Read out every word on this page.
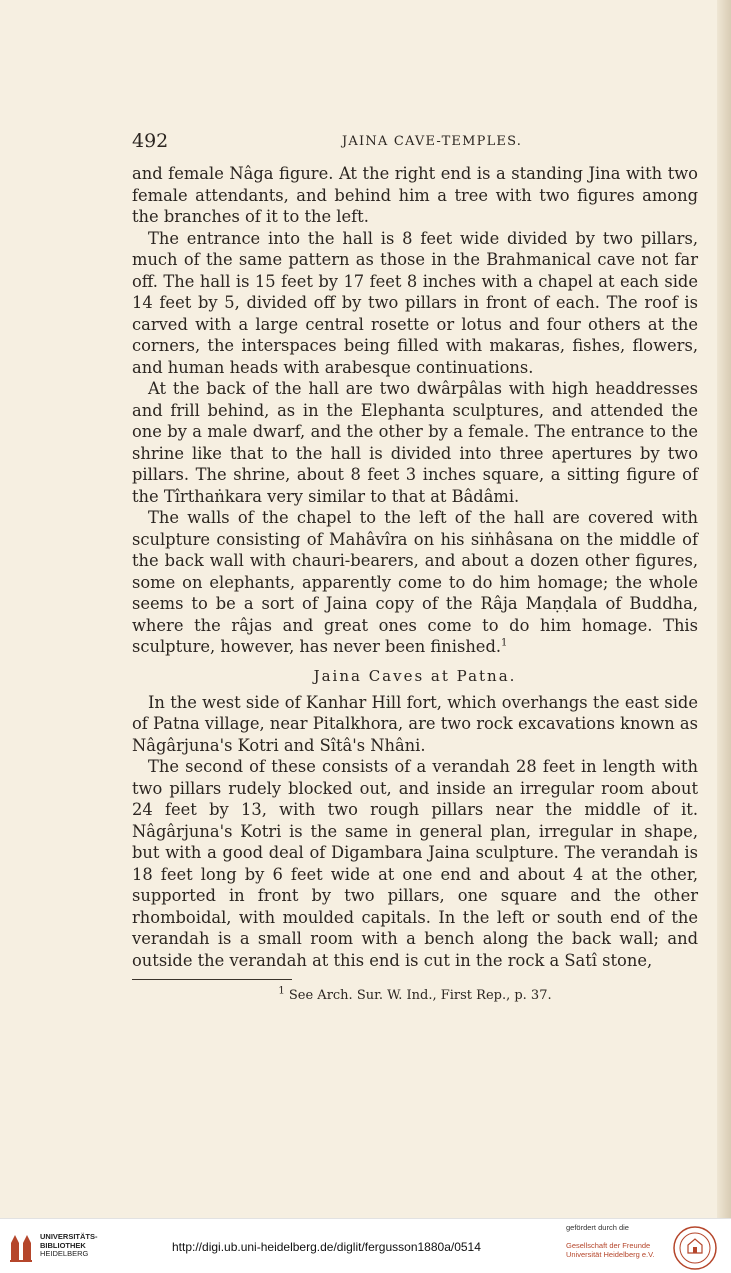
492	JAINA CAVE-TEMPLES.

and female Nâga figure. At the right end is a standing Jina with two female attendants, and behind him a tree with two figures among the branches of it to the left.

The entrance into the hall is 8 feet wide divided by two pillars, much of the same pattern as those in the Brahmanical cave not far off. The hall is 15 feet by 17 feet 8 inches with a chapel at each side 14 feet by 5, divided off by two pillars in front of each. The roof is carved with a large central rosette or lotus and four others at the corners, the interspaces being filled with makaras, fishes, flowers, and human heads with arabesque continuations.

At the back of the hall are two dwârpâlas with high headdresses and frill behind, as in the Elephanta sculptures, and attended the one by a male dwarf, and the other by a female. The entrance to the shrine like that to the hall is divided into three apertures by two pillars. The shrine, about 8 feet 3 inches square, a sitting figure of the Tîrthaṅkara very similar to that at Bâdâmi.

The walls of the chapel to the left of the hall are covered with sculpture consisting of Mahâvîra on his siṅhâsana on the middle of the back wall with chauri-bearers, and about a dozen other figures, some on elephants, apparently come to do him homage; the whole seems to be a sort of Jaina copy of the Râja Maṇḍala of Buddha, where the râjas and great ones come to do him homage. This sculpture, however, has never been finished.$^1$

Jaina Caves at Patna.

In the west side of Kanhar Hill fort, which overhangs the east side of Patna village, near Pitalkhora, are two rock excavations known as Nâgârjuna's Kotri and Sîtâ's Nhâni.

The second of these consists of a verandah 28 feet in length with two pillars rudely blocked out, and inside an irregular room about 24 feet by 13, with two rough pillars near the middle of it. Nâgârjuna's Kotri is the same in general plan, irregular in shape, but with a good deal of Digambara Jaina sculpture. The verandah is 18 feet long by 6 feet wide at one end and about 4 at the other, supported in front by two pillars, one square and the other rhomboidal, with moulded capitals. In the left or south end of the verandah is a small room with a bench along the back wall; and outside the verandah at this end is cut in the rock a Satî stone,

$^1$ See Arch. Sur. W. Ind., First Rep., p. 37.

UNIVERSITÄTS-
BIBLIOTHEK
HEIDELBERG	http://digi.ub.uni-heidelberg.de/diglit/fergusson1880a/0514
gefördert durch die
Gesellschaft der Freunde
Universität Heidelberg e.V.
